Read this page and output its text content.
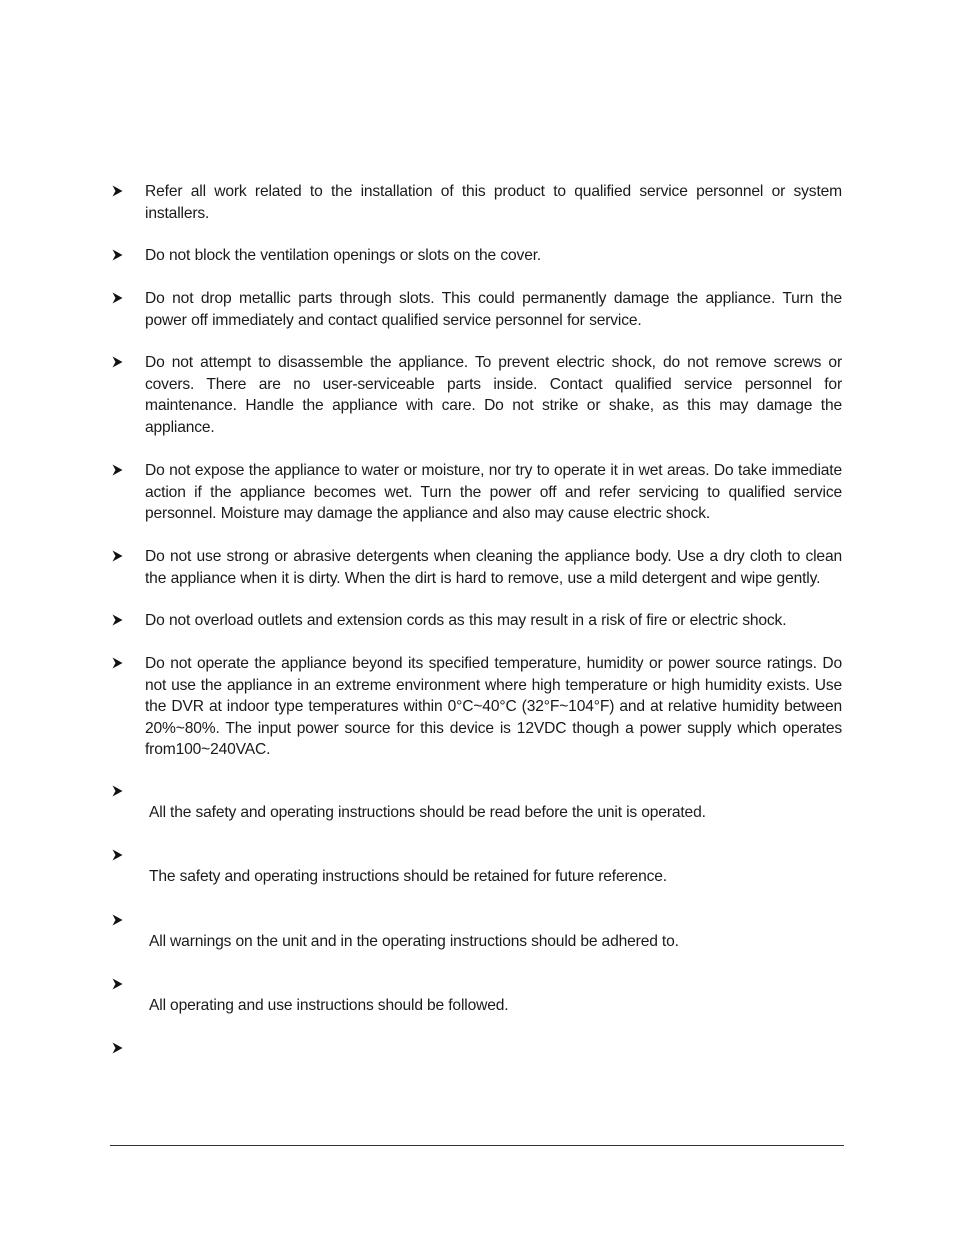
Refer all work related to the installation of this product to qualified service personnel or system installers.
Do not block the ventilation openings or slots on the cover.
Do not drop metallic parts through slots. This could permanently damage the appliance. Turn the power off immediately and contact qualified service personnel for service.
Do not attempt to disassemble the appliance. To prevent electric shock, do not remove screws or covers. There are no user-serviceable parts inside. Contact qualified service personnel for maintenance. Handle the appliance with care. Do not strike or shake, as this may damage the appliance.
Do not expose the appliance to water or moisture, nor try to operate it in wet areas. Do take immediate action if the appliance becomes wet. Turn the power off and refer servicing to qualified service personnel. Moisture may damage the appliance and also may cause electric shock.
Do not use strong or abrasive detergents when cleaning the appliance body. Use a dry cloth to clean the appliance when it is dirty. When the dirt is hard to remove, use a mild detergent and wipe gently.
Do not overload outlets and extension cords as this may result in a risk of fire or electric shock.
Do not operate the appliance beyond its specified temperature, humidity or power source ratings. Do not use the appliance in an extreme environment where high temperature or high humidity exists. Use the DVR at indoor type temperatures within 0°C~40°C (32°F~104°F) and at relative humidity between 20%~80%. The input power source for this device is 12VDC though a power supply which operates from100~240VAC.
All the safety and operating instructions should be read before the unit is operated.
The safety and operating instructions should be retained for future reference.
All warnings on the unit and in the operating instructions should be adhered to.
All operating and use instructions should be followed.
